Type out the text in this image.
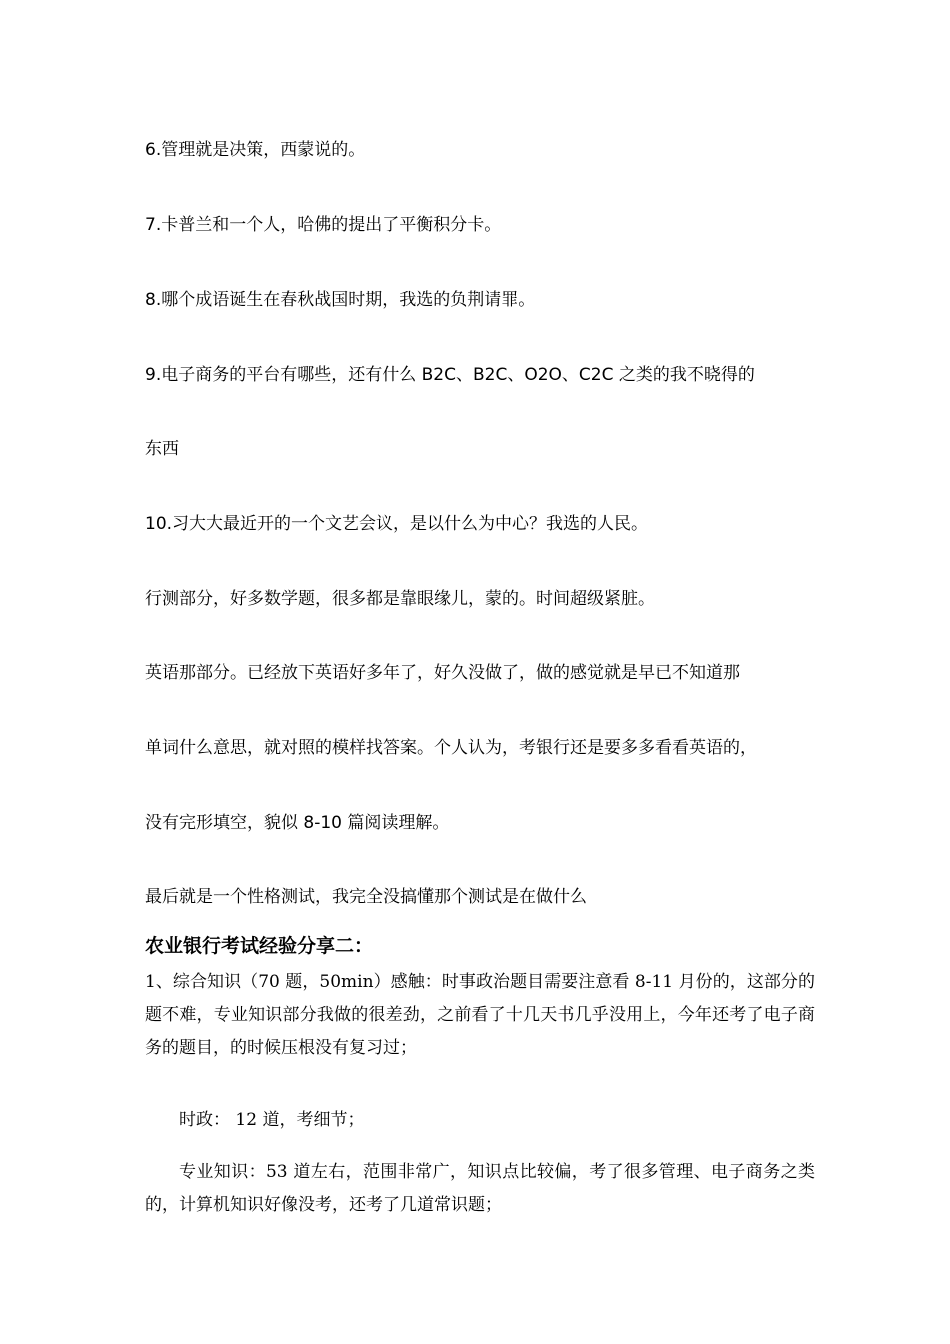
6.管理就是决策，西蒙说的。
7.卡普兰和一个人，哈佛的提出了平衡积分卡。
8.哪个成语诞生在春秋战国时期，我选的负荆请罪。
9.电子商务的平台有哪些，还有什么 B2C、B2C、O2O、C2C 之类的我不晓得的
东西
10.习大大最近开的一个文艺会议，是以什么为中心？我选的人民。
行测部分，好多数学题，很多都是靠眼缘儿，蒙的。时间超级紧脏。
英语那部分。已经放下英语好多年了，好久没做了，做的感觉就是早已不知道那
单词什么意思，就对照的模样找答案。个人认为，考银行还是要多多看看英语的，
没有完形填空，貌似 8-10 篇阅读理解。
最后就是一个性格测试，我完全没搞懂那个测试是在做什么
农业银行考试经验分享二：
1、综合知识（70 题，50min）感触：时事政治题目需要注意看 8-11 月份的，这部分的题不难，专业知识部分我做的很差劲，之前看了十几天书几乎没用上，今年还考了电子商务的题目，的时候压根没有复习过；
时政： 12 道，考细节；
专业知识：53 道左右，范围非常广，知识点比较偏，考了很多管理、电子商务之类的，计算机知识好像没考，还考了几道常识题；
